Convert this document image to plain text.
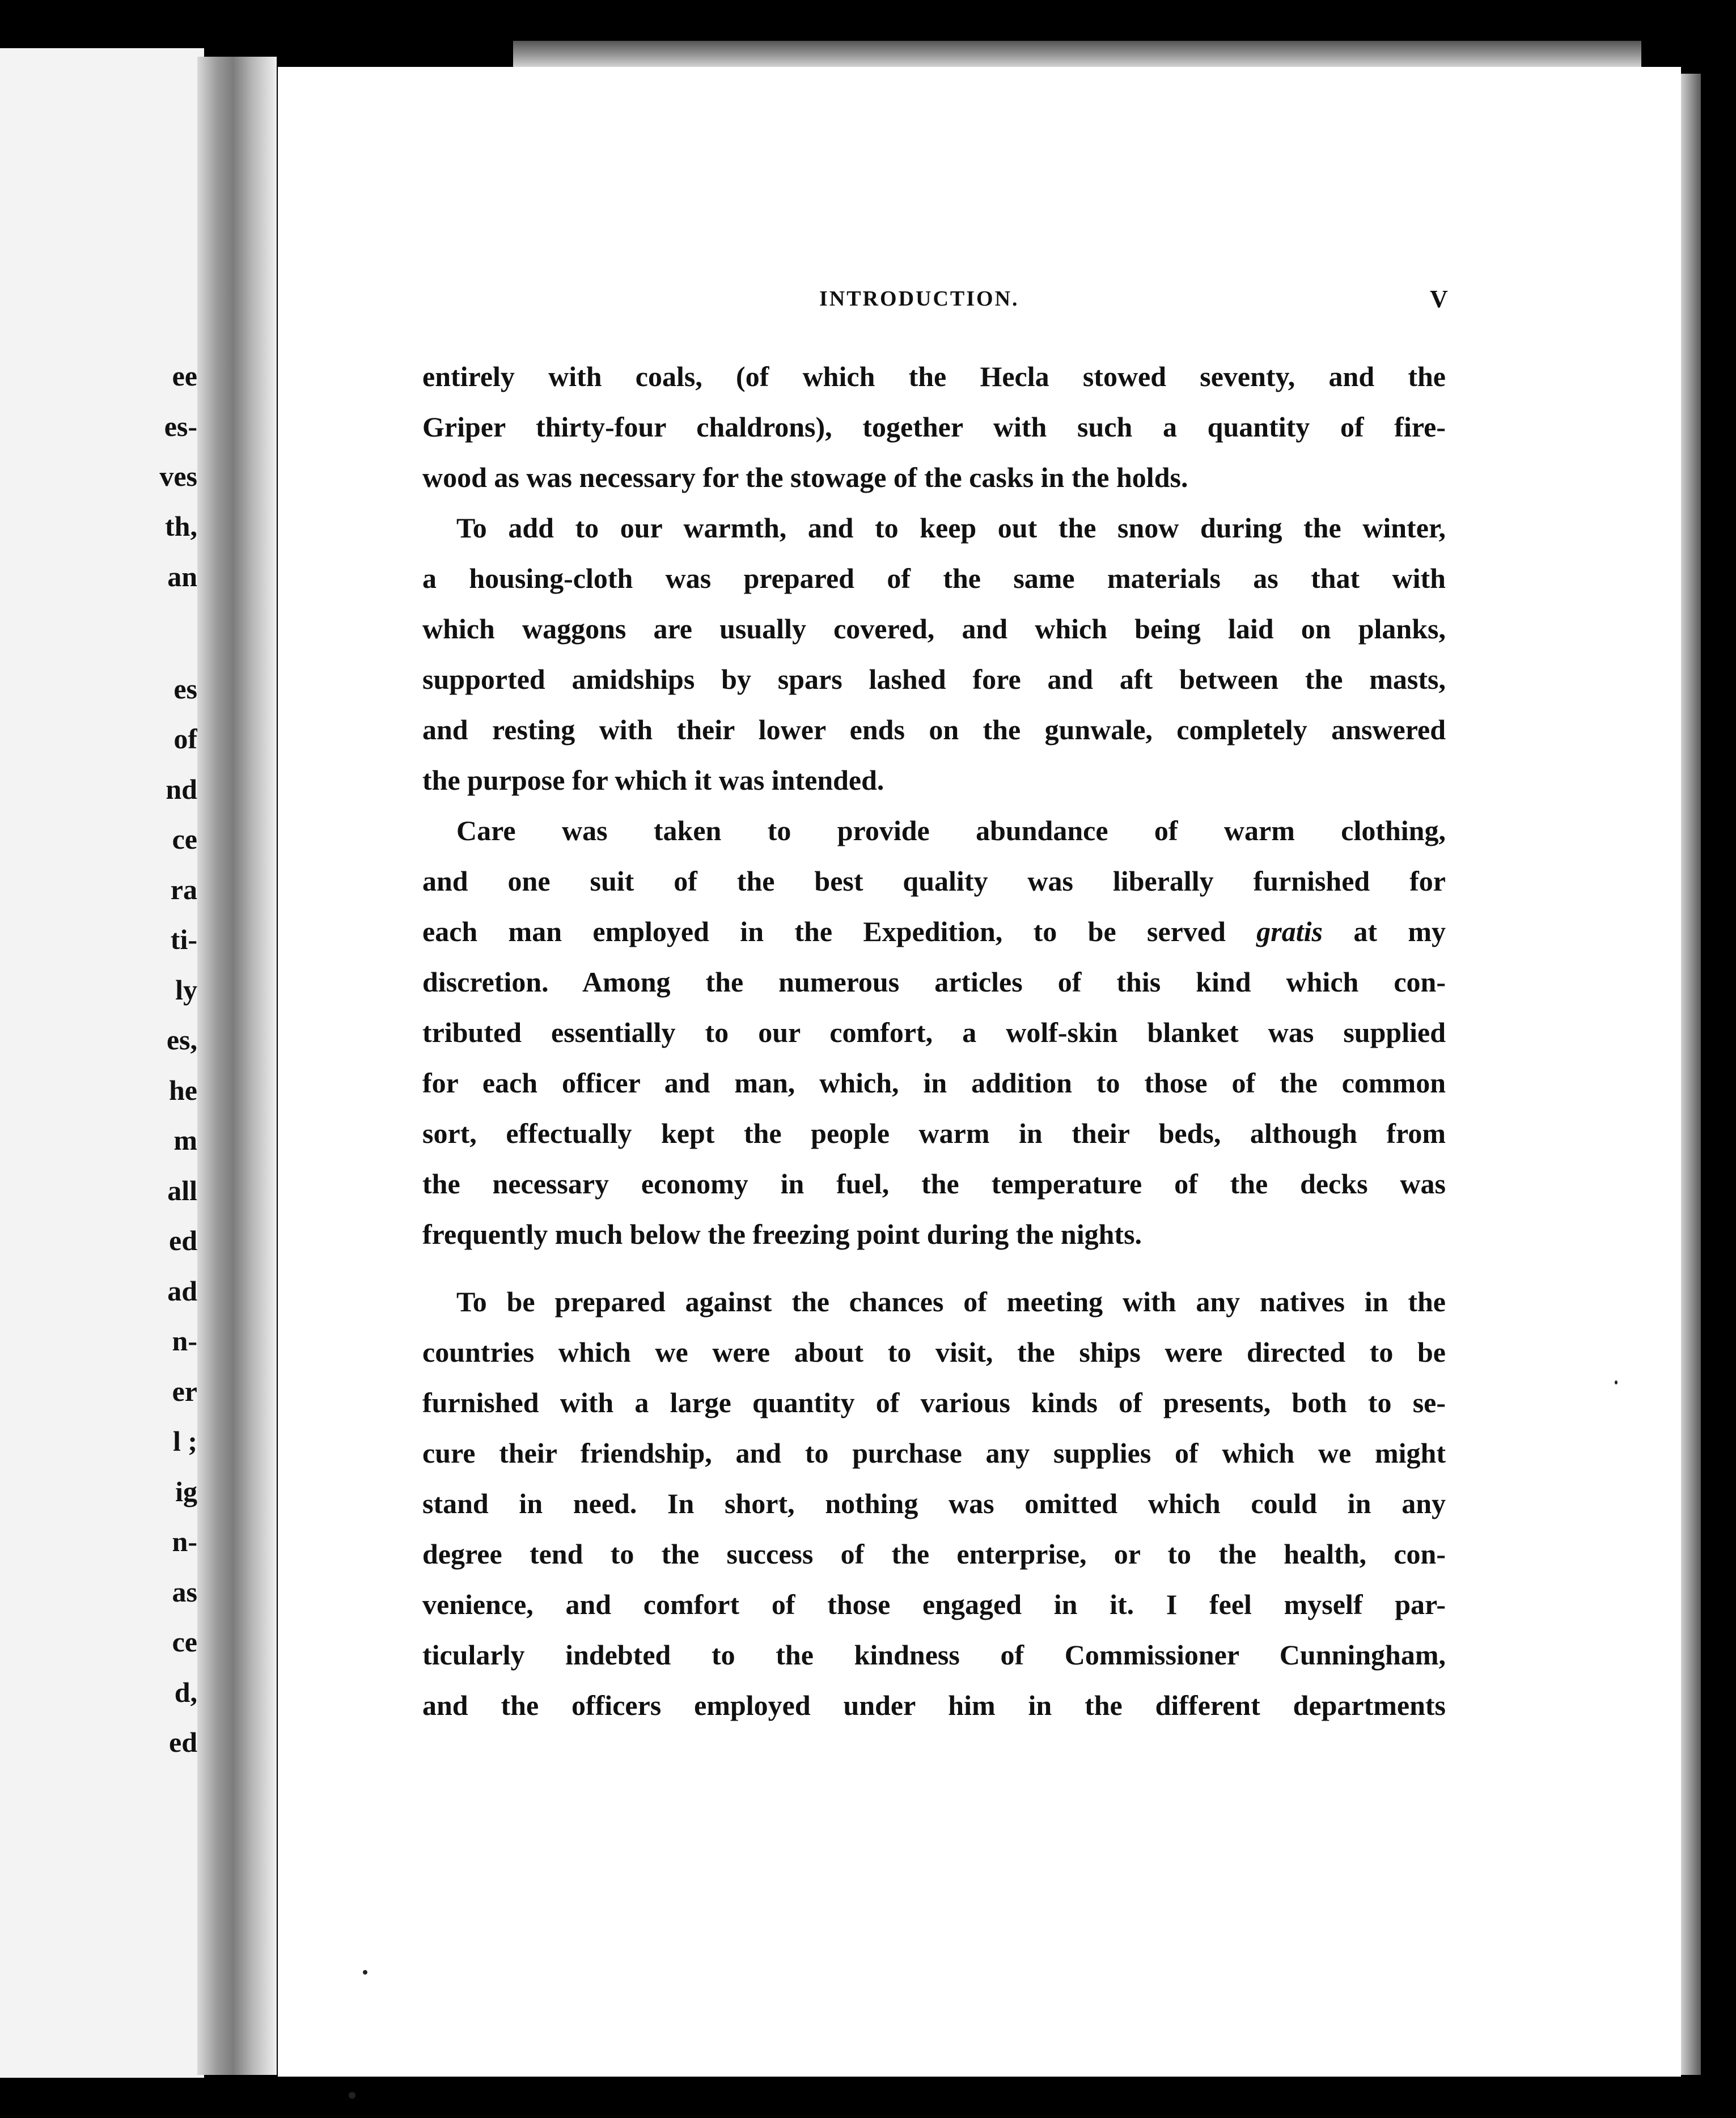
ee
es-
ves
th,
an
es
of
nd
ce
ra
ti-
ly
es,
he
m
all
ed
ad
n-
er
l ;
ig
n-
as
ce
d,
ed
INTRODUCTION.	V
entirely with coals, (of which the Hecla stowed seventy, and the
Griper thirty-four chaldrons), together with such a quantity of fire-
wood as was necessary for the stowage of the casks in the holds.
To add to our warmth, and to keep out the snow during the winter,
a housing-cloth was prepared of the same materials as that with
which waggons are usually covered, and which being laid on planks,
supported amidships by spars lashed fore and aft between the masts,
and resting with their lower ends on the gunwale, completely answered
the purpose for which it was intended.
Care was taken to provide abundance of warm clothing,
and one suit of the best quality was liberally furnished for
each man employed in the Expedition, to be served gratis at my
discretion. Among the numerous articles of this kind which con-
tributed essentially to our comfort, a wolf-skin blanket was supplied
for each officer and man, which, in addition to those of the common
sort, effectually kept the people warm in their beds, although from
the necessary economy in fuel, the temperature of the decks was
frequently much below the freezing point during the nights.
To be prepared against the chances of meeting with any natives in the
countries which we were about to visit, the ships were directed to be
furnished with a large quantity of various kinds of presents, both to se-
cure their friendship, and to purchase any supplies of which we might
stand in need. In short, nothing was omitted which could in any
degree tend to the success of the enterprise, or to the health, con-
venience, and comfort of those engaged in it. I feel myself par-
ticularly indebted to the kindness of Commissioner Cunningham,
and the officers employed under him in the different departments
